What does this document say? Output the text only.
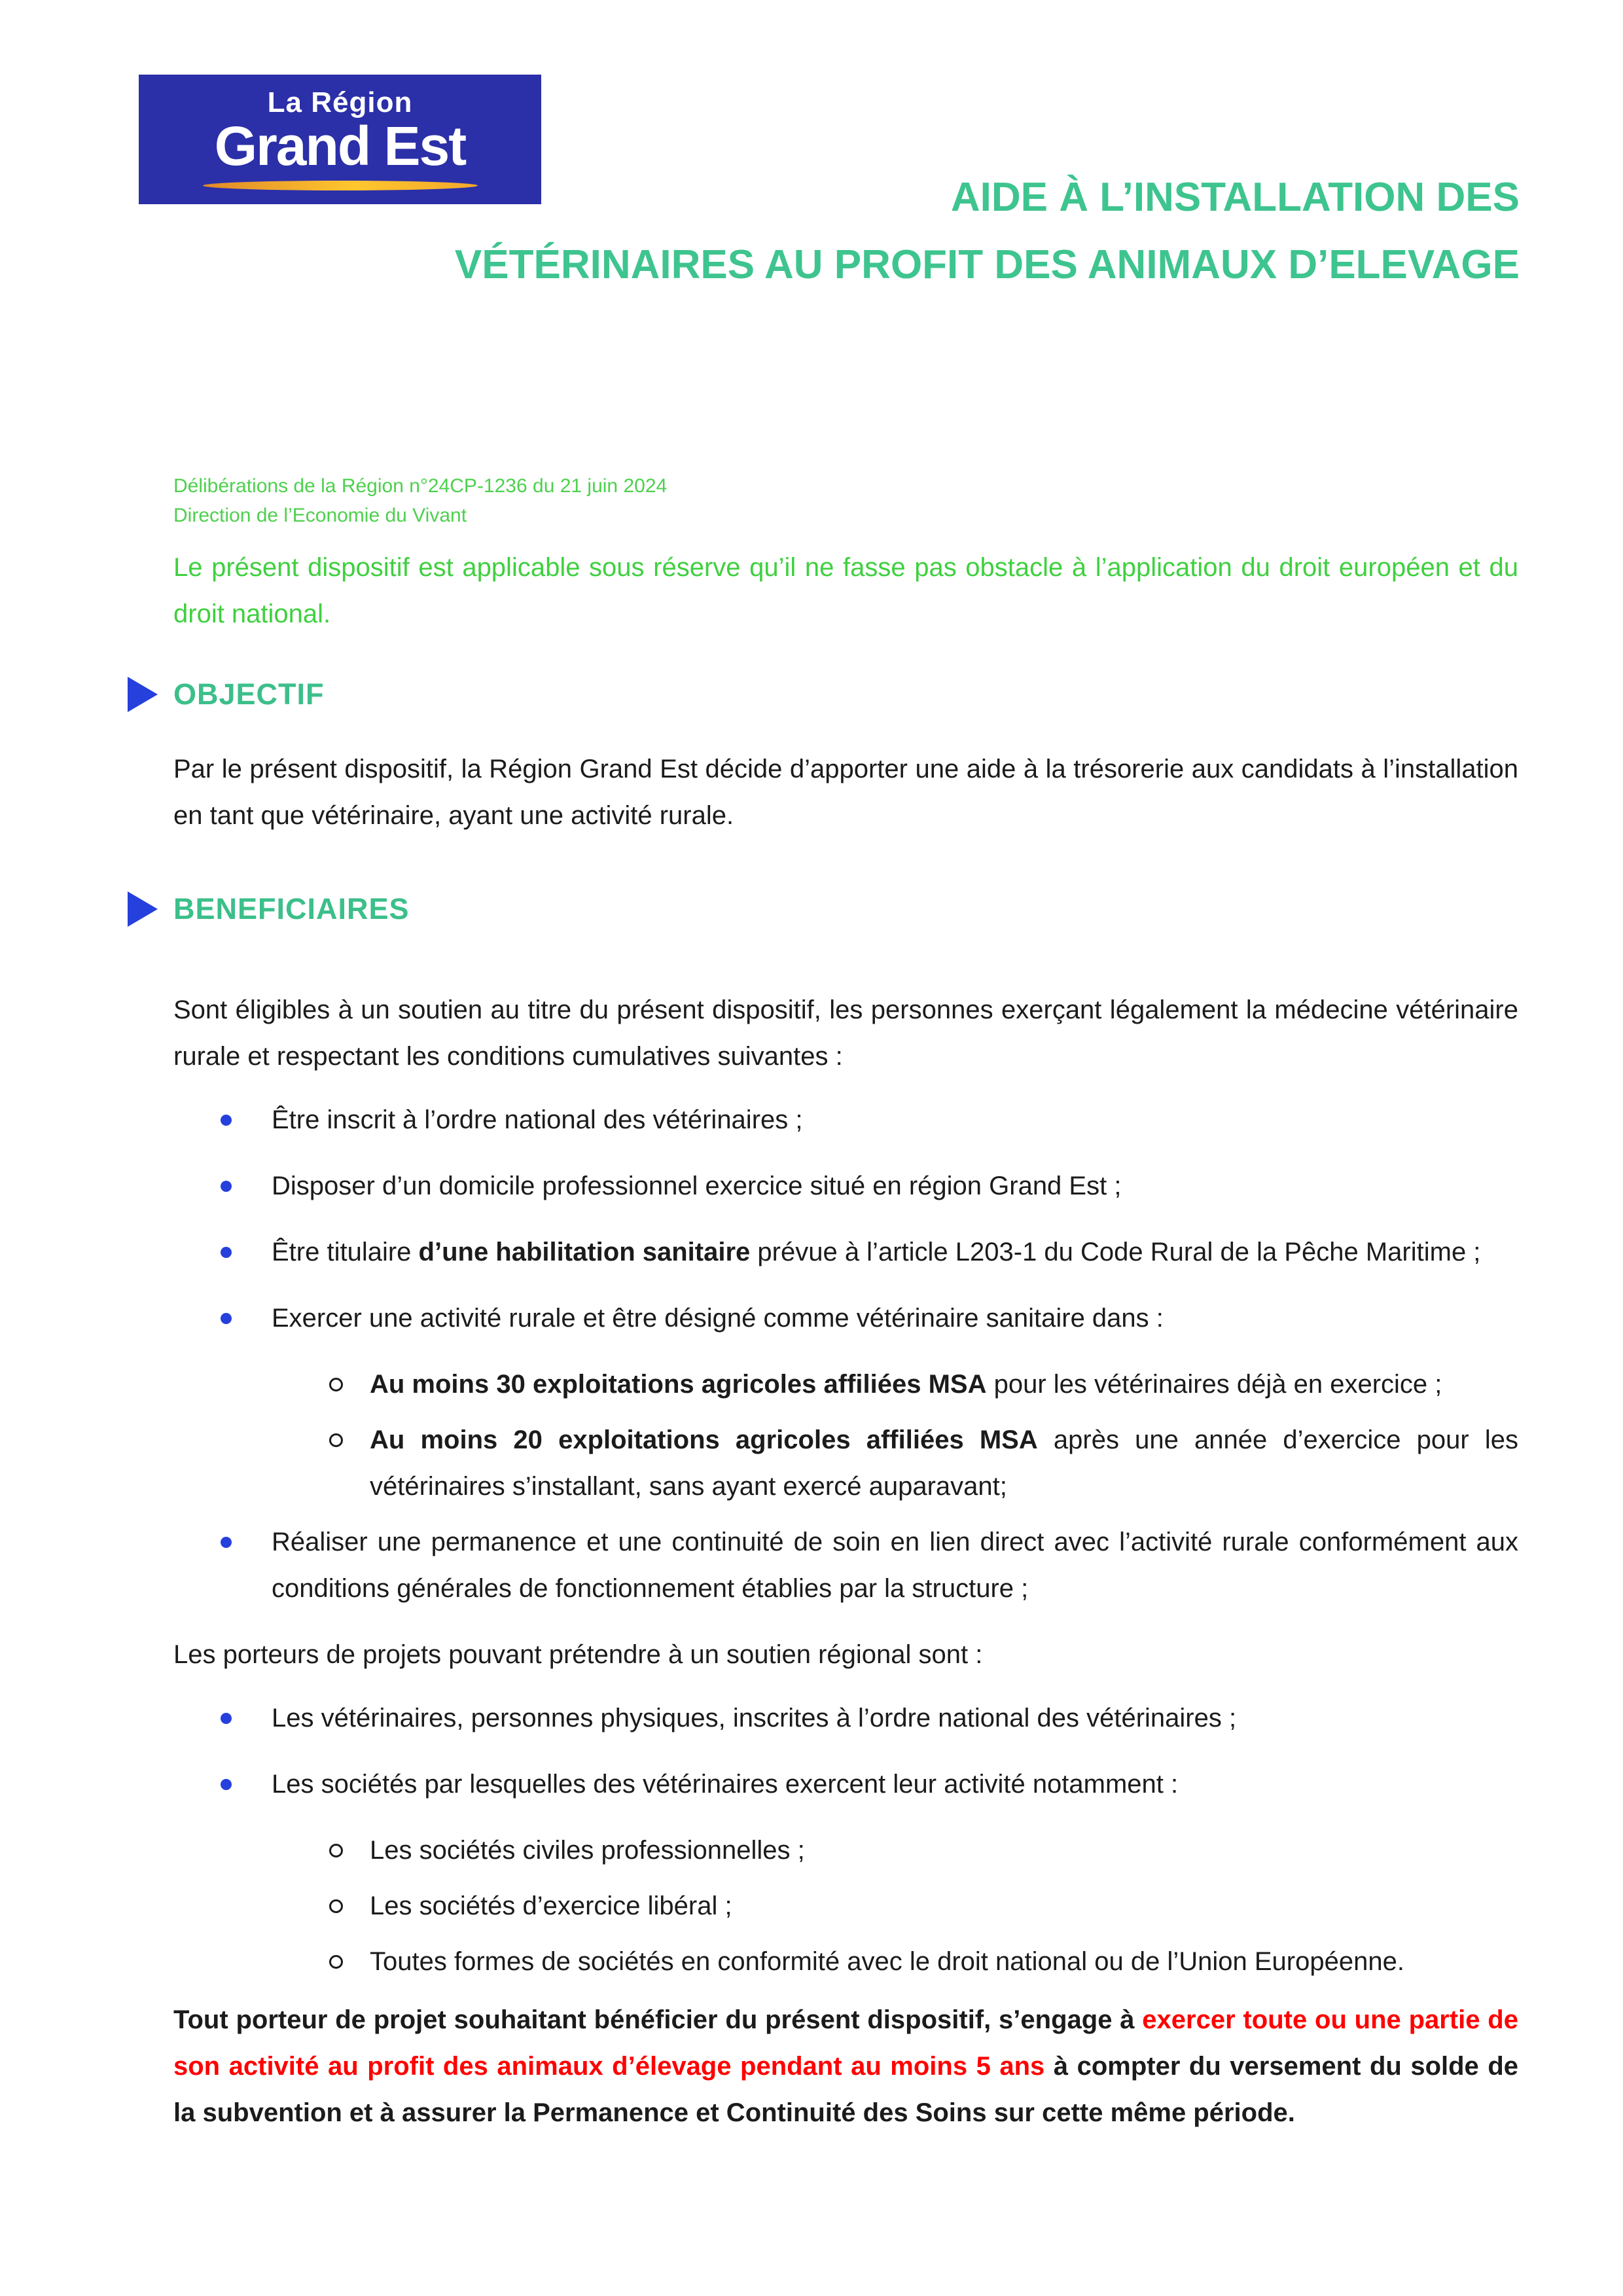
La Région
Grand Est
AIDE À L’INSTALLATION DES
VÉTÉRINAIRES AU PROFIT DES ANIMAUX D’ELEVAGE
Délibérations de la Région n°24CP-1236 du 21 juin 2024
Direction de l’Economie du Vivant
Le présent dispositif est applicable sous réserve qu’il ne fasse pas obstacle à l’application du droit européen et du droit national.
OBJECTIF
Par le présent dispositif, la Région Grand Est décide d’apporter une aide à la trésorerie aux candidats à l’installation en tant que vétérinaire, ayant une activité rurale.
BENEFICIAIRES
Sont éligibles à un soutien au titre du présent dispositif, les personnes exerçant légalement la médecine vétérinaire rurale et respectant les conditions cumulatives suivantes :
Être inscrit à l’ordre national des vétérinaires ;
Disposer d’un domicile professionnel exercice situé en région Grand Est ;
Être titulaire d’une habilitation sanitaire prévue à l’article L203-1 du Code Rural de la Pêche Maritime ;
Exercer une activité rurale et être désigné comme vétérinaire sanitaire dans :
Au moins 30 exploitations agricoles affiliées MSA pour les vétérinaires déjà en exercice ;
Au moins 20 exploitations agricoles affiliées MSA après une année d’exercice pour les vétérinaires s’installant, sans ayant exercé auparavant;
Réaliser une permanence et une continuité de soin en lien direct avec l’activité rurale conformément aux conditions générales de fonctionnement établies par la structure ;
Les porteurs de projets pouvant prétendre à un soutien régional sont :
Les vétérinaires, personnes physiques, inscrites à l’ordre national des vétérinaires ;
Les sociétés par lesquelles des vétérinaires exercent leur activité notamment :
Les sociétés civiles professionnelles ;
Les sociétés d’exercice libéral ;
Toutes formes de sociétés en conformité avec le droit national ou de l’Union Européenne.
Tout porteur de projet souhaitant bénéficier du présent dispositif, s’engage à exercer toute ou une partie de son activité au profit des animaux d’élevage pendant au moins 5 ans à compter du versement du solde de la subvention et à assurer la Permanence et Continuité des Soins sur cette même période.
